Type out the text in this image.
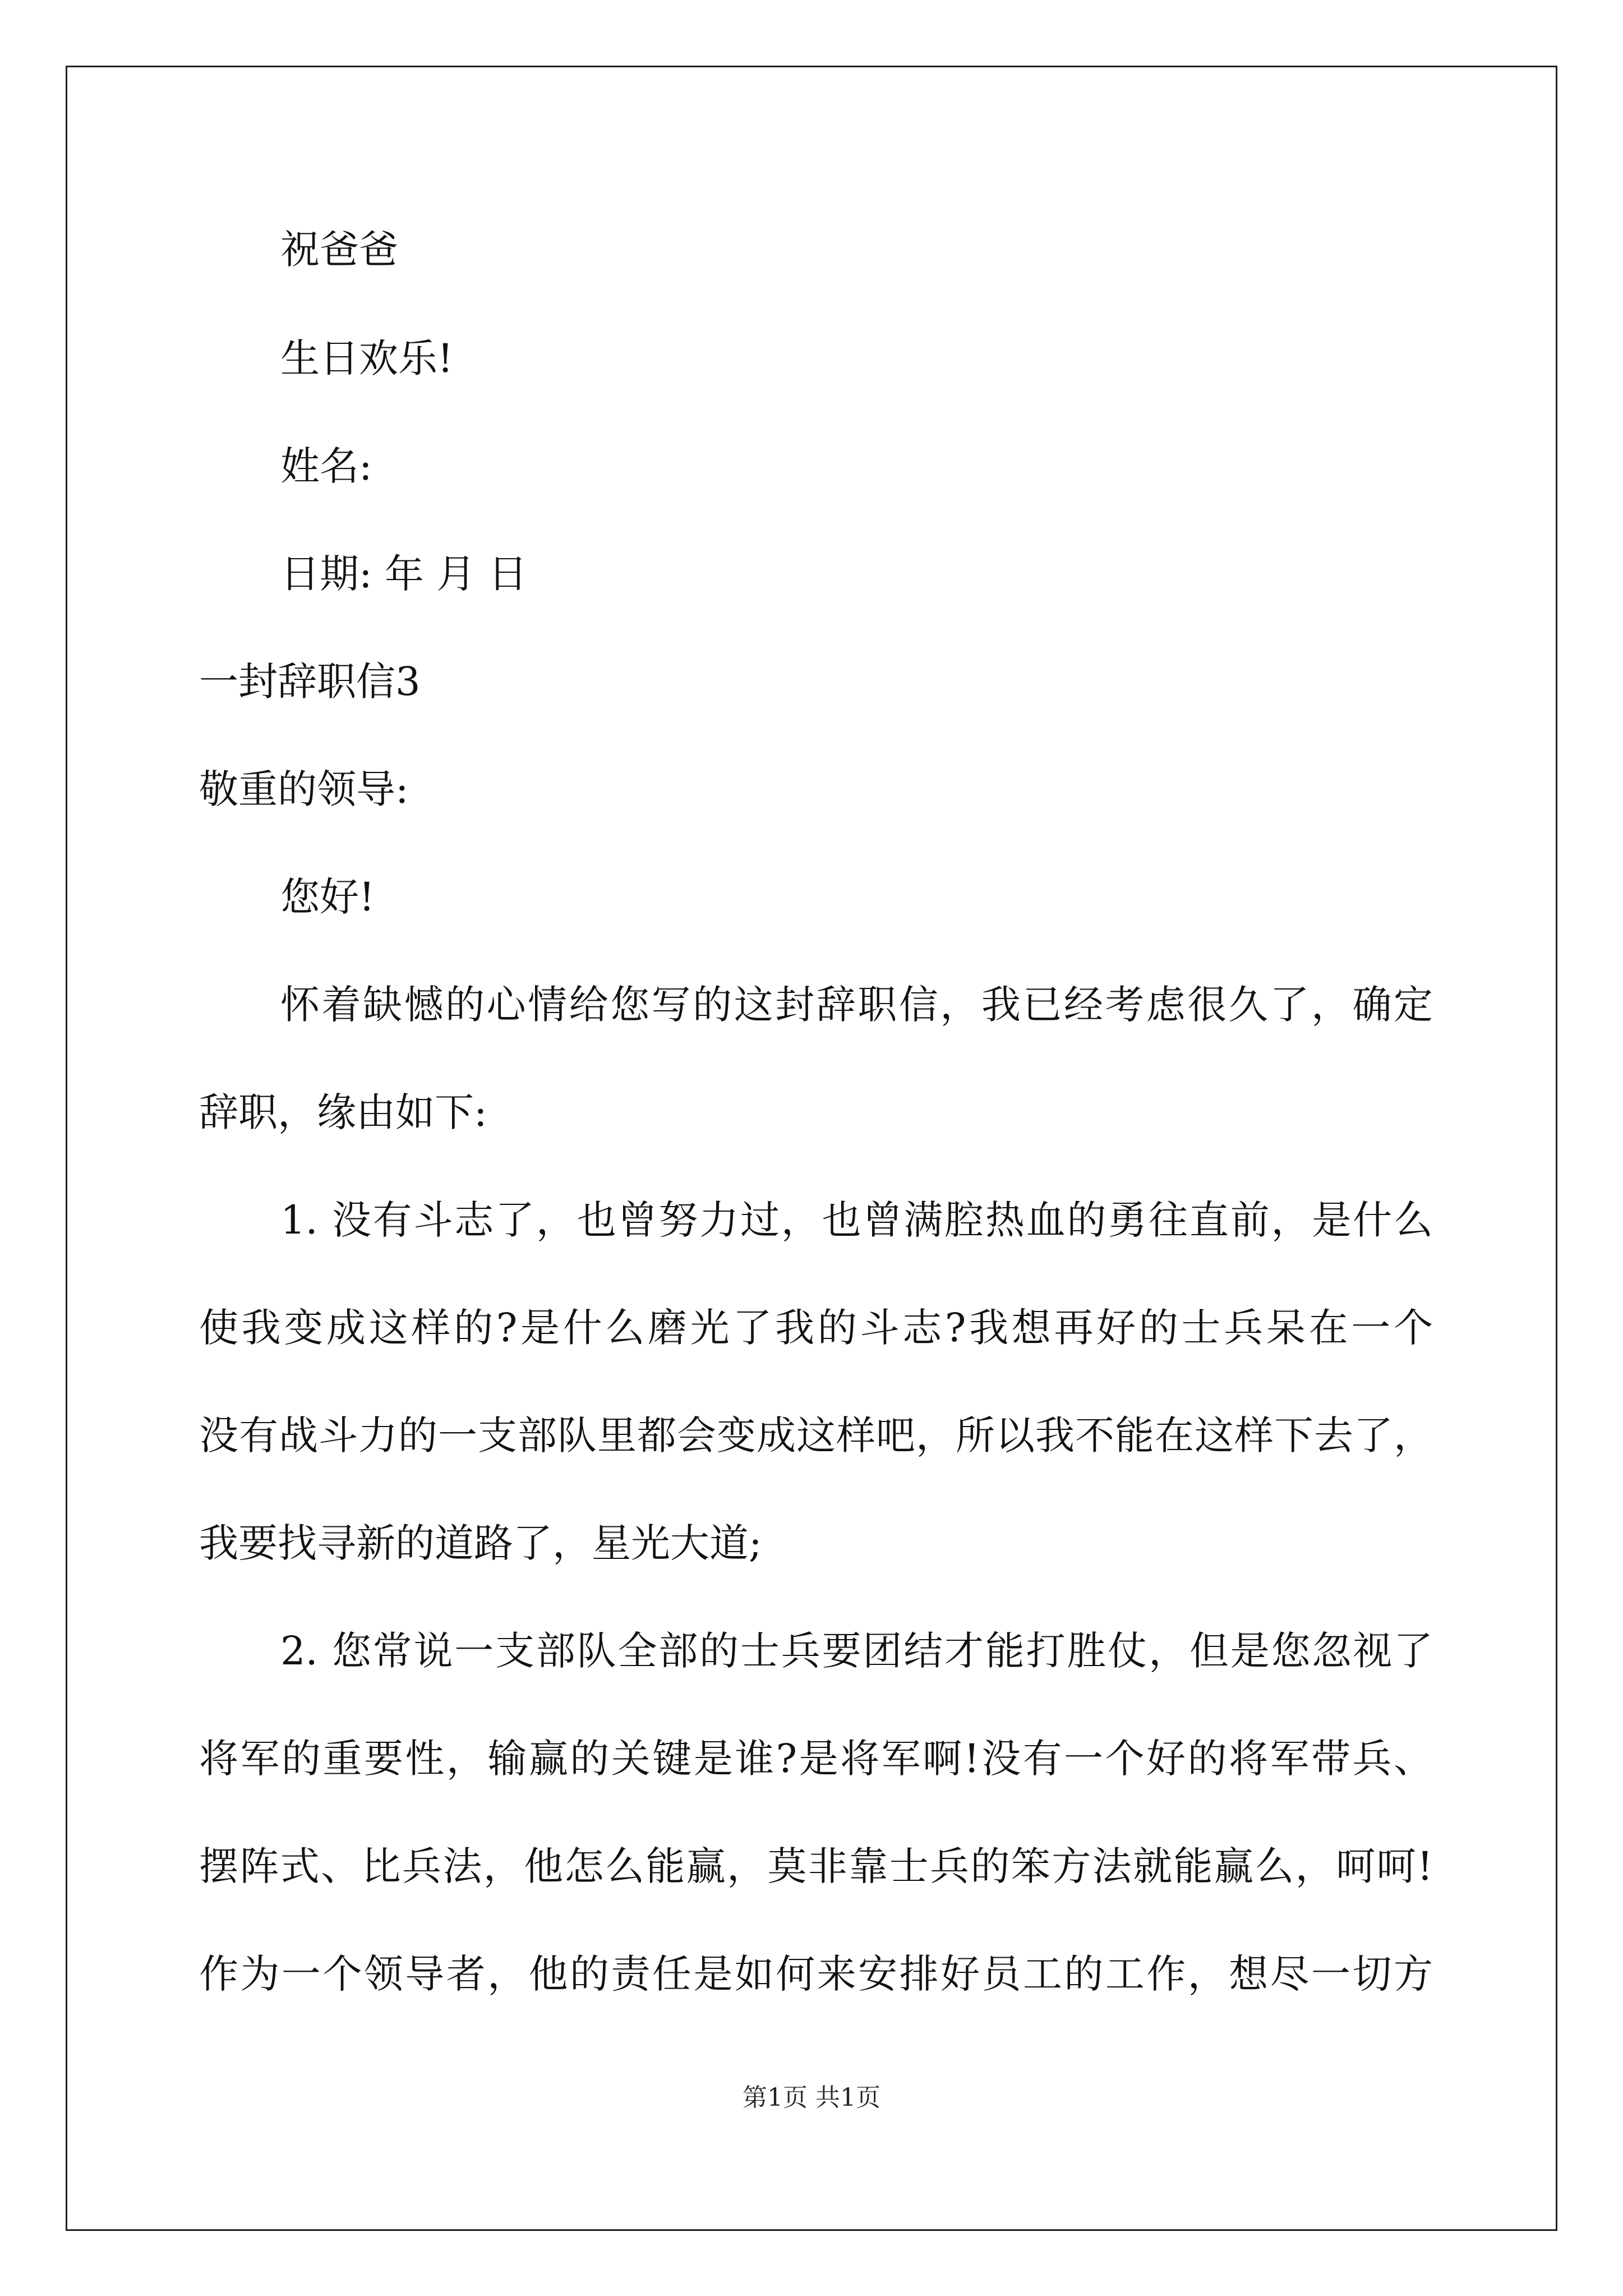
祝爸爸
生日欢乐!
姓名:
日期: 年 月 日
一封辞职信3
敬重的领导:
您好!
怀着缺憾的心情给您写的这封辞职信，我已经考虑很久了，确定
辞职，缘由如下:
1. 没有斗志了，也曾努力过，也曾满腔热血的勇往直前，是什么
使我变成这样的?是什么磨光了我的斗志?我想再好的士兵呆在一个
没有战斗力的一支部队里都会变成这样吧，所以我不能在这样下去了，
我要找寻新的道路了，星光大道;
2. 您常说一支部队全部的士兵要团结才能打胜仗，但是您忽视了
将军的重要性，输赢的关键是谁?是将军啊!没有一个好的将军带兵、
摆阵式、比兵法，他怎么能赢，莫非靠士兵的笨方法就能赢么，呵呵!
作为一个领导者，他的责任是如何来安排好员工的工作，想尽一切方
第1页 共1页
